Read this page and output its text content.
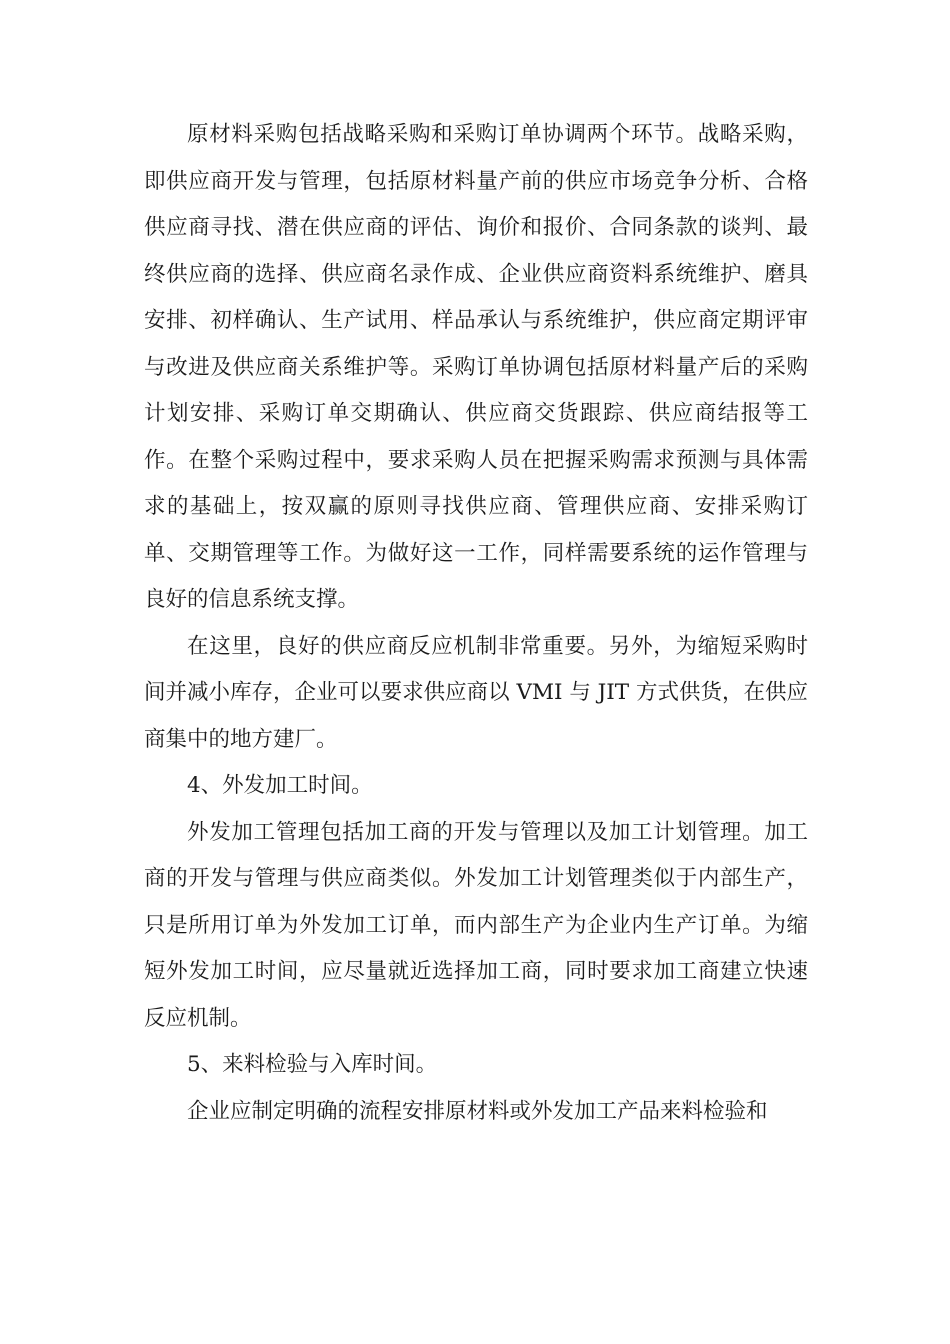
原材料采购包括战略采购和采购订单协调两个环节。战略采购，即供应商开发与管理，包括原材料量产前的供应市场竞争分析、合格供应商寻找、潜在供应商的评估、询价和报价、合同条款的谈判、最终供应商的选择、供应商名录作成、企业供应商资料系统维护、磨具安排、初样确认、生产试用、样品承认与系统维护，供应商定期评审与改进及供应商关系维护等。采购订单协调包括原材料量产后的采购计划安排、采购订单交期确认、供应商交货跟踪、供应商结报等工作。在整个采购过程中，要求采购人员在把握采购需求预测与具体需求的基础上，按双赢的原则寻找供应商、管理供应商、安排采购订单、交期管理等工作。为做好这一工作，同样需要系统的运作管理与良好的信息系统支撑。

在这里，良好的供应商反应机制非常重要。另外，为缩短采购时间并减小库存，企业可以要求供应商以 VMI 与 JIT 方式供货，在供应商集中的地方建厂。

4、外发加工时间。

外发加工管理包括加工商的开发与管理以及加工计划管理。加工商的开发与管理与供应商类似。外发加工计划管理类似于内部生产，只是所用订单为外发加工订单，而内部生产为企业内生产订单。为缩短外发加工时间，应尽量就近选择加工商，同时要求加工商建立快速反应机制。

5、来料检验与入库时间。

企业应制定明确的流程安排原材料或外发加工产品来料检验和
